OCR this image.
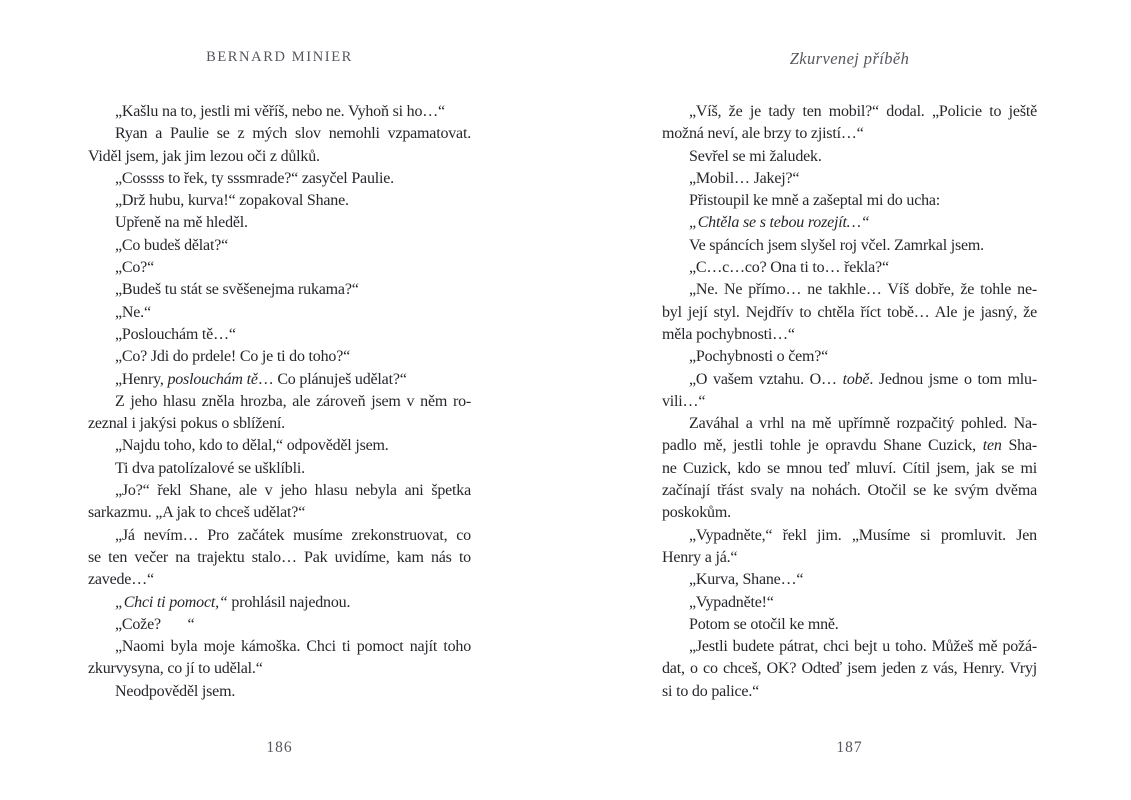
BERNARD MINIER
„Kašlu na to, jestli mi věříš, nebo ne. Vyhoň si ho…“
Ryan a Paulie se z mých slov nemohli vzpamatovat.
Viděl jsem, jak jim lezou oči z důlků.
„Cossss to řek, ty sssmrade?“ zasyčel Paulie.
„Drž hubu, kurva!“ zopakoval Shane.
Upřeně na mě hleděl.
„Co budeš dělat?“
„Co?“
„Budeš tu stát se svěšenejma rukama?“
„Ne.“
„Poslouchám tě…“
„Co? Jdi do prdele! Co je ti do toho?“
„Henry, poslouchám tě… Co plánuješ udělat?“
Z jeho hlasu zněla hrozba, ale zároveň jsem v něm ro-
zeznal i jakýsi pokus o sblížení.
„Najdu toho, kdo to dělal,“ odpověděl jsem.
Ti dva patolízalové se ušklíbli.
„Jo?“ řekl Shane, ale v jeho hlasu nebyla ani špetka
sarkazmu. „A jak to chceš udělat?“
„Já nevím… Pro začátek musíme zrekonstruovat, co
se ten večer na trajektu stalo… Pak uvidíme, kam nás to
zavede…“
„Chci ti pomoct,“ prohlásil najednou.
„Cože?       “
„Naomi byla moje kámoška. Chci ti pomoct najít toho
zkurvysyna, co jí to udělal.“
Neodpověděl jsem.
186
Zkurvenej příběh
„Víš, že je tady ten mobil?“ dodal. „Policie to ještě
možná neví, ale brzy to zjistí…“
Sevřel se mi žaludek.
„Mobil… Jakej?“
Přistoupil ke mně a zašeptal mi do ucha:
„Chtěla se s tebou rozejít…“
Ve spáncích jsem slyšel roj včel. Zamrkal jsem.
„C…c…co? Ona ti to… řekla?“
„Ne. Ne přímo… ne takhle… Víš dobře, že tohle ne-
byl její styl. Nejdřív to chtěla říct tobě… Ale je jasný, že
měla pochybnosti…“
„Pochybnosti o čem?“
„O vašem vztahu. O… tobě. Jednou jsme o tom mlu-
vili…“
Zaváhal a vrhl na mě upřímně rozpačitý pohled. Na-
padlo mě, jestli tohle je opravdu Shane Cuzick, ten Sha-
ne Cuzick, kdo se mnou teď mluví. Cítil jsem, jak se mi
začínají třást svaly na nohách. Otočil se ke svým dvěma
poskokům.
„Vypadněte,“ řekl jim. „Musíme si promluvit. Jen
Henry a já.“
„Kurva, Shane…“
„Vypadněte!“
Potom se otočil ke mně.
„Jestli budete pátrat, chci bejt u toho. Můžeš mě požá-
dat, o co chceš, OK? Odteď jsem jeden z vás, Henry. Vryj
si to do palice.“
187
